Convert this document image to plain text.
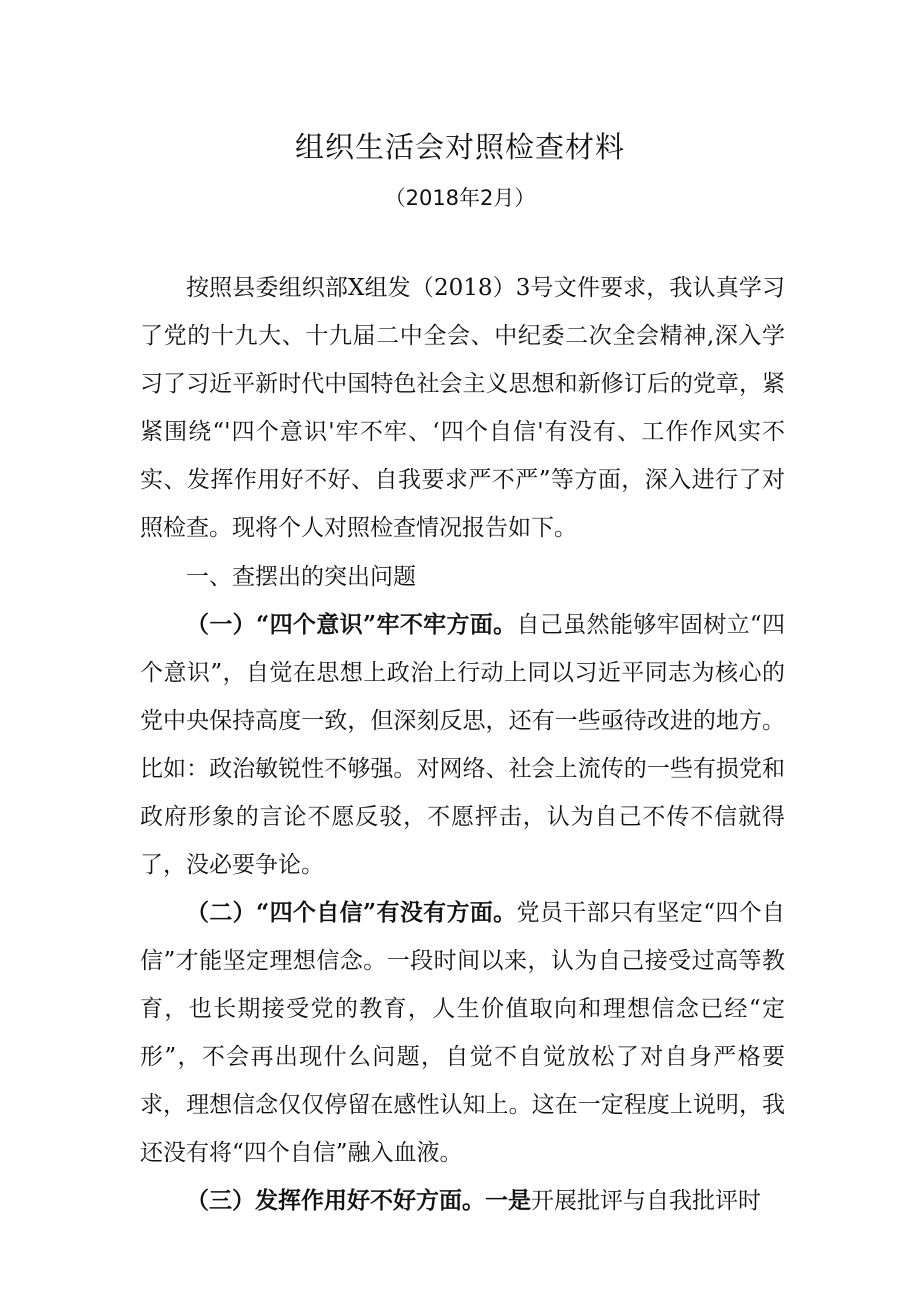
组织生活会对照检查材料

（2018年2月）

按照县委组织部X组发（2018）3号文件要求，我认真学习了党的十九大、十九届二中全会、中纪委二次全会精神,深入学习了习近平新时代中国特色社会主义思想和新修订后的党章，紧紧围绕“'四个意识'牢不牢、‘四个自信'有没有、工作作风实不实、发挥作用好不好、自我要求严不严”等方面，深入进行了对照检查。现将个人对照检查情况报告如下。

一、查摆出的突出问题

（一）“四个意识”牢不牢方面。自己虽然能够牢固树立“四个意识”，自觉在思想上政治上行动上同以习近平同志为核心的党中央保持高度一致，但深刻反思，还有一些亟待改进的地方。比如：政治敏锐性不够强。对网络、社会上流传的一些有损党和政府形象的言论不愿反驳，不愿抨击，认为自己不传不信就得了，没必要争论。

（二）“四个自信”有没有方面。党员干部只有坚定“四个自信”才能坚定理想信念。一段时间以来，认为自己接受过高等教育，也长期接受党的教育，人生价值取向和理想信念已经“定形”，不会再出现什么问题，自觉不自觉放松了对自身严格要求，理想信念仅仅停留在感性认知上。这在一定程度上说明，我还没有将“四个自信”融入血液。

（三）发挥作用好不好方面。一是开展批评与自我批评时
